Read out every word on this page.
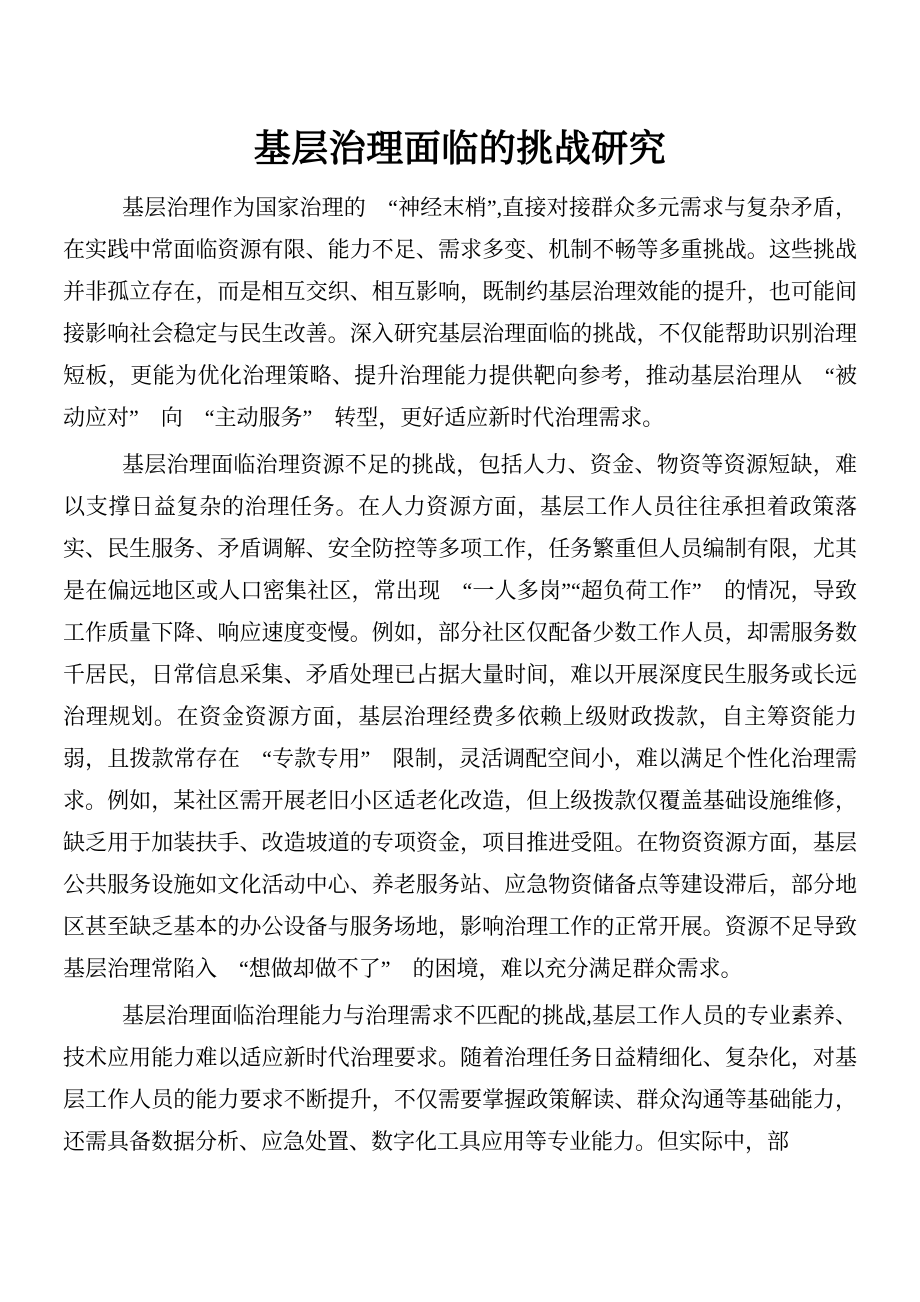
基层治理面临的挑战研究

基层治理作为国家治理的　“神经末梢”,直接对接群众多元需求与复杂矛盾，在实践中常面临资源有限、能力不足、需求多变、机制不畅等多重挑战。这些挑战并非孤立存在，而是相互交织、相互影响，既制约基层治理效能的提升，也可能间接影响社会稳定与民生改善。深入研究基层治理面临的挑战，不仅能帮助识别治理短板，更能为优化治理策略、提升治理能力提供靶向参考，推动基层治理从　“被动应对”　向　“主动服务”　转型，更好适应新时代治理需求。

基层治理面临治理资源不足的挑战，包括人力、资金、物资等资源短缺，难以支撑日益复杂的治理任务。在人力资源方面，基层工作人员往往承担着政策落实、民生服务、矛盾调解、安全防控等多项工作，任务繁重但人员编制有限，尤其是在偏远地区或人口密集社区，常出现　“一人多岗”“超负荷工作”　的情况，导致工作质量下降、响应速度变慢。例如，部分社区仅配备少数工作人员，却需服务数千居民，日常信息采集、矛盾处理已占据大量时间，难以开展深度民生服务或长远治理规划。在资金资源方面，基层治理经费多依赖上级财政拨款，自主筹资能力弱，且拨款常存在　“专款专用”　限制，灵活调配空间小，难以满足个性化治理需求。例如，某社区需开展老旧小区适老化改造，但上级拨款仅覆盖基础设施维修，缺乏用于加装扶手、改造坡道的专项资金，项目推进受阻。在物资资源方面，基层公共服务设施如文化活动中心、养老服务站、应急物资储备点等建设滞后，部分地区甚至缺乏基本的办公设备与服务场地，影响治理工作的正常开展。资源不足导致基层治理常陷入　“想做却做不了”　的困境，难以充分满足群众需求。

基层治理面临治理能力与治理需求不匹配的挑战,基层工作人员的专业素养、技术应用能力难以适应新时代治理要求。随着治理任务日益精细化、复杂化，对基层工作人员的能力要求不断提升，不仅需要掌握政策解读、群众沟通等基础能力，还需具备数据分析、应急处置、数字化工具应用等专业能力。但实际中，部
